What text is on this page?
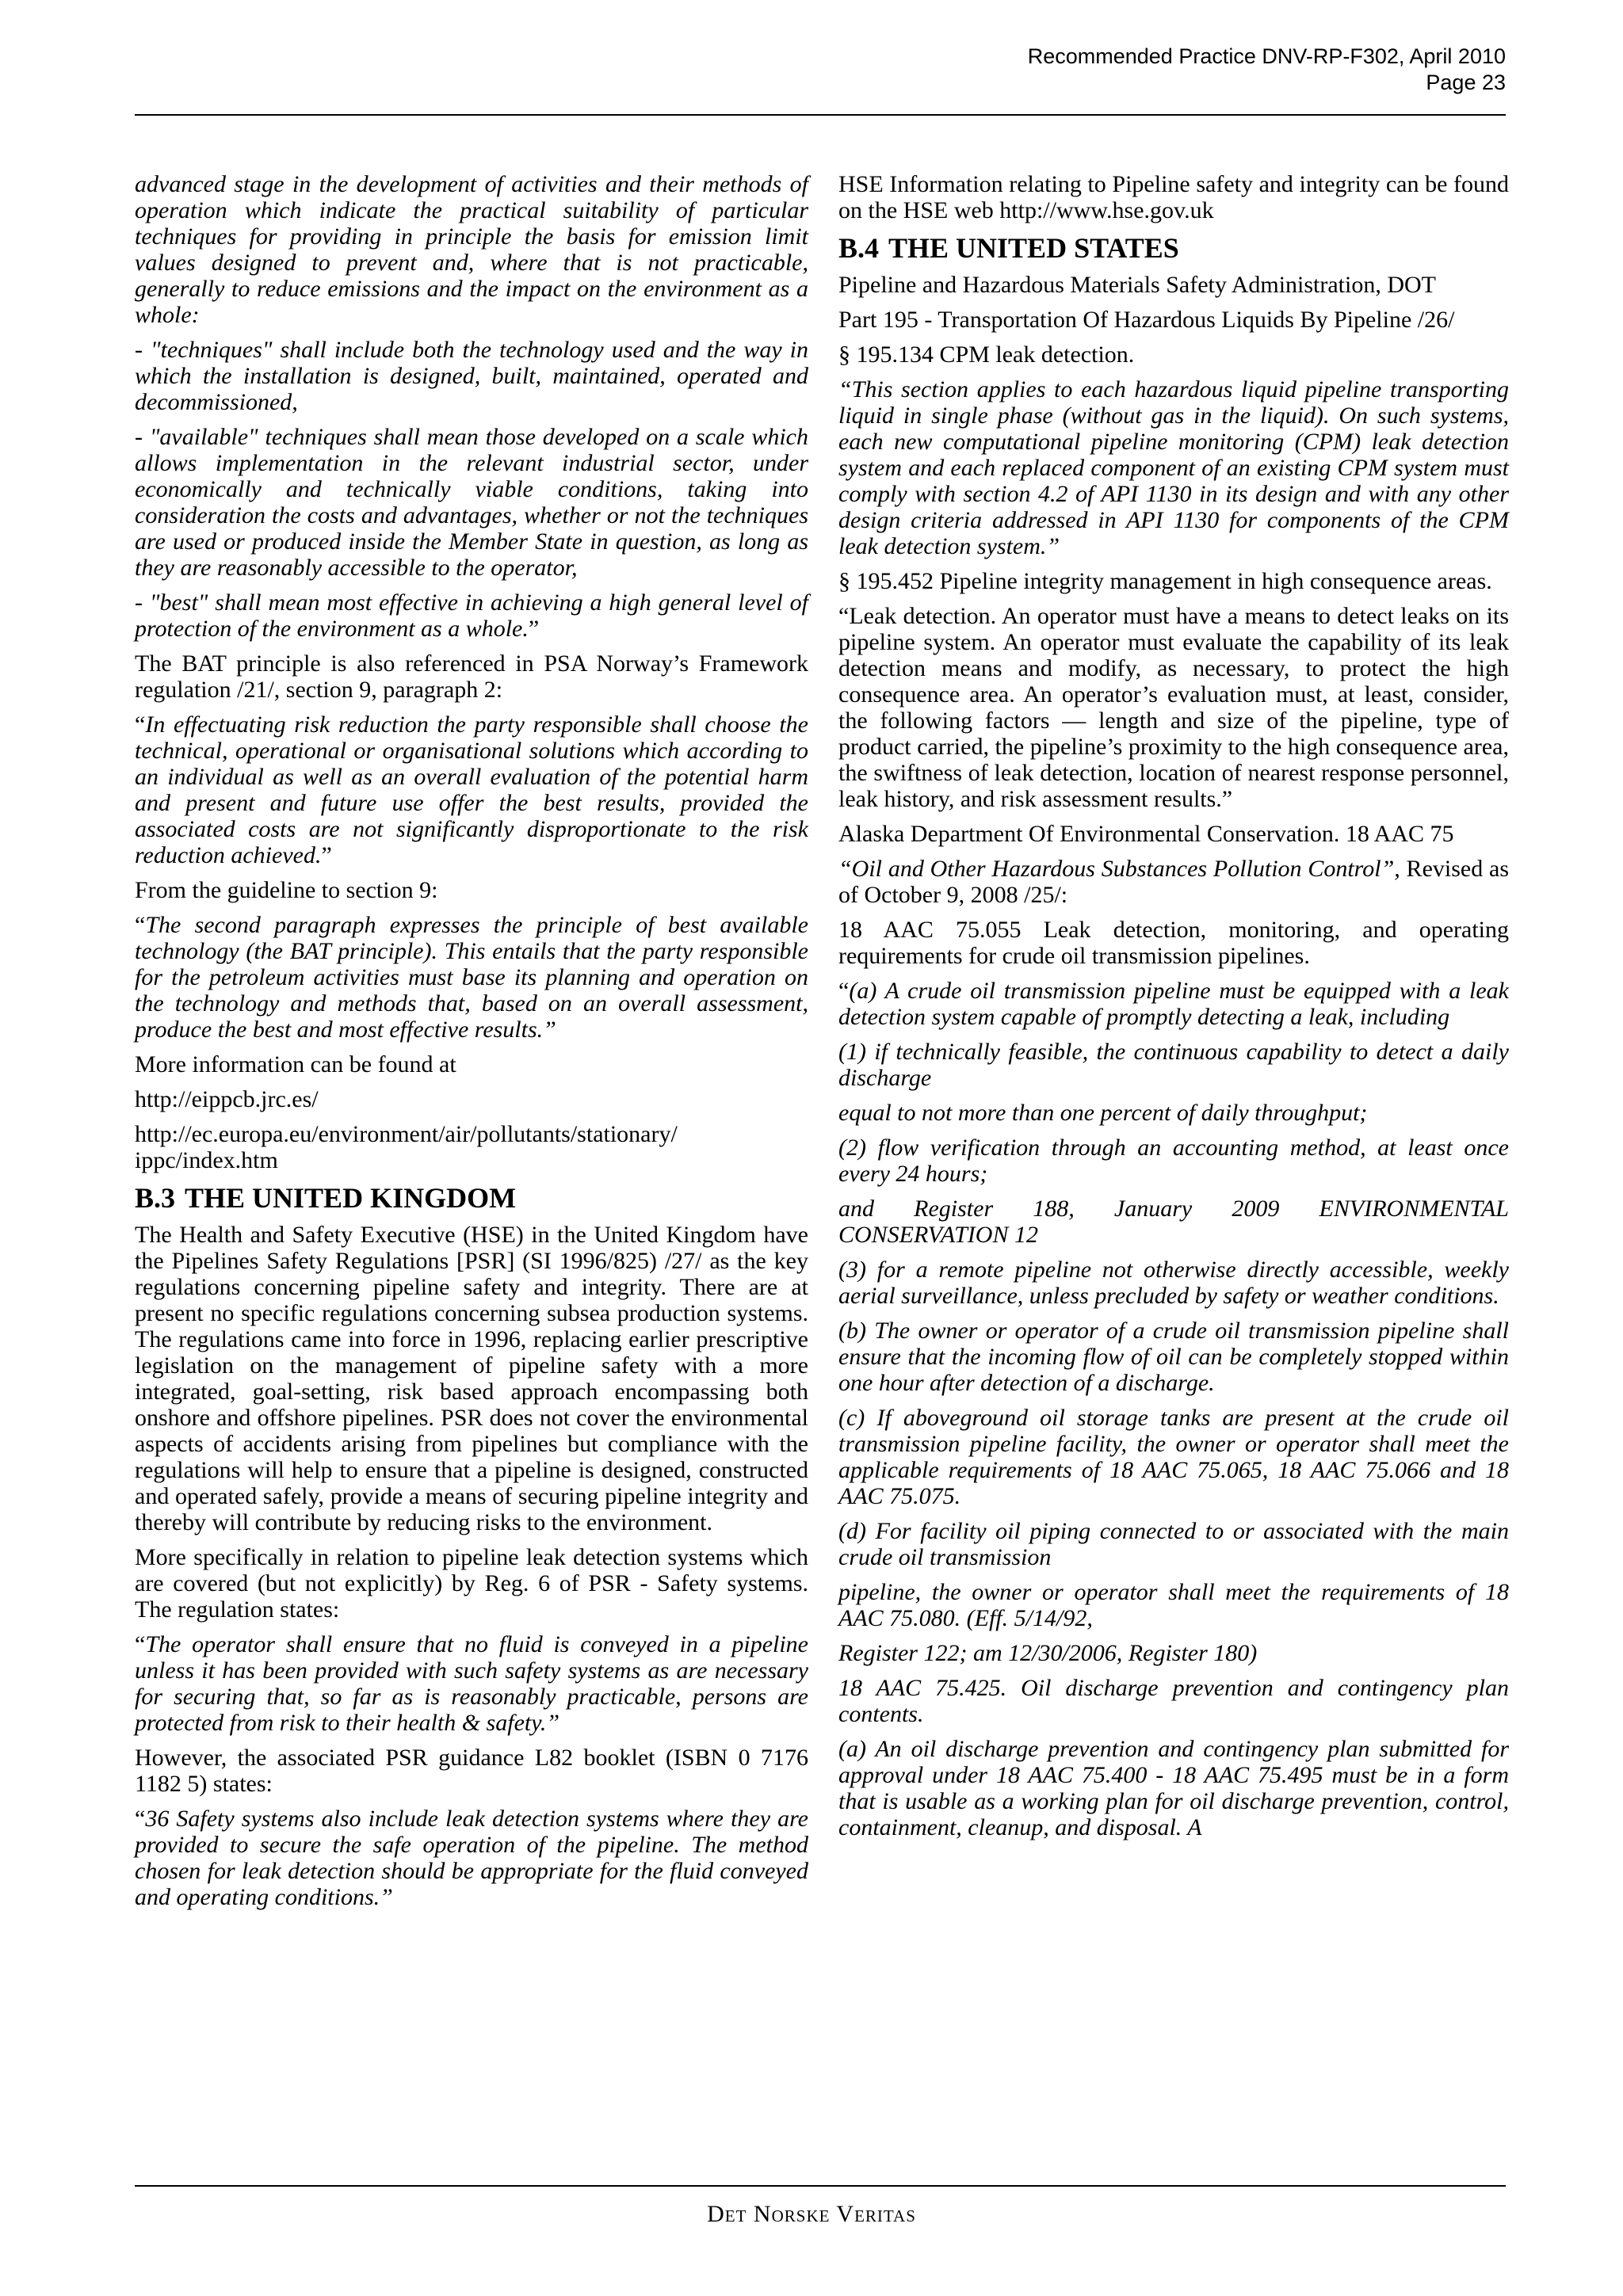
Recommended Practice DNV-RP-F302, April 2010
Page 23

advanced stage in the development of activities and their methods of operation which indicate the practical suitability of particular techniques for providing in principle the basis for emission limit values designed to prevent and, where that is not practicable, generally to reduce emissions and the impact on the environment as a whole:

- "techniques" shall include both the technology used and the way in which the installation is designed, built, maintained, operated and decommissioned,

- "available" techniques shall mean those developed on a scale which allows implementation in the relevant industrial sector, under economically and technically viable conditions, taking into consideration the costs and advantages, whether or not the techniques are used or produced inside the Member State in question, as long as they are reasonably accessible to the operator,

- "best" shall mean most effective in achieving a high general level of protection of the environment as a whole.”

The BAT principle is also referenced in PSA Norway’s Framework regulation /21/, section 9, paragraph 2:

“In effectuating risk reduction the party responsible shall choose the technical, operational or organisational solutions which according to an individual as well as an overall evaluation of the potential harm and present and future use offer the best results, provided the associated costs are not significantly disproportionate to the risk reduction achieved.”

From the guideline to section 9:

“The second paragraph expresses the principle of best available technology (the BAT principle). This entails that the party responsible for the petroleum activities must base its planning and operation on the technology and methods that, based on an overall assessment, produce the best and most effective results.”

More information can be found at

http://eippcb.jrc.es/

http://ec.europa.eu/environment/air/pollutants/stationary/
ippc/index.htm

B.3 THE UNITED KINGDOM

The Health and Safety Executive (HSE) in the United Kingdom have the Pipelines Safety Regulations [PSR] (SI 1996/825) /27/ as the key regulations concerning pipeline safety and integrity. There are at present no specific regulations concerning subsea production systems. The regulations came into force in 1996, replacing earlier prescriptive legislation on the management of pipeline safety with a more integrated, goal-setting, risk based approach encompassing both onshore and offshore pipelines. PSR does not cover the environmental aspects of accidents arising from pipelines but compliance with the regulations will help to ensure that a pipeline is designed, constructed and operated safely, provide a means of securing pipeline integrity and thereby will contribute by reducing risks to the environment.

More specifically in relation to pipeline leak detection systems which are covered (but not explicitly) by Reg. 6 of PSR - Safety systems. The regulation states:

“The operator shall ensure that no fluid is conveyed in a pipeline unless it has been provided with such safety systems as are necessary for securing that, so far as is reasonably practicable, persons are protected from risk to their health & safety.”

However, the associated PSR guidance L82 booklet (ISBN 0 7176 1182 5) states:

“36 Safety systems also include leak detection systems where they are provided to secure the safe operation of the pipeline. The method chosen for leak detection should be appropriate for the fluid conveyed and operating conditions.”

HSE Information relating to Pipeline safety and integrity can be found on the HSE web http://www.hse.gov.uk

B.4 THE UNITED STATES

Pipeline and Hazardous Materials Safety Administration, DOT

Part 195 - Transportation Of Hazardous Liquids By Pipeline /26/

§ 195.134 CPM leak detection.

“This section applies to each hazardous liquid pipeline transporting liquid in single phase (without gas in the liquid). On such systems, each new computational pipeline monitoring (CPM) leak detection system and each replaced component of an existing CPM system must comply with section 4.2 of API 1130 in its design and with any other design criteria addressed in API 1130 for components of the CPM leak detection system.”

§ 195.452 Pipeline integrity management in high consequence areas.

“Leak detection. An operator must have a means to detect leaks on its pipeline system. An operator must evaluate the capability of its leak detection means and modify, as necessary, to protect the high consequence area. An operator’s evaluation must, at least, consider, the following factors — length and size of the pipeline, type of product carried, the pipeline’s proximity to the high consequence area, the swiftness of leak detection, location of nearest response personnel, leak history, and risk assessment results.”

Alaska Department Of Environmental Conservation. 18 AAC 75

“Oil and Other Hazardous Substances Pollution Control”, Revised as of October 9, 2008 /25/:

18 AAC 75.055 Leak detection, monitoring, and operating requirements for crude oil transmission pipelines.

“(a) A crude oil transmission pipeline must be equipped with a leak detection system capable of promptly detecting a leak, including

(1) if technically feasible, the continuous capability to detect a daily discharge

equal to not more than one percent of daily throughput;

(2) flow verification through an accounting method, at least once every 24 hours;

and Register 188, January 2009 ENVIRONMENTAL CONSERVATION 12

(3) for a remote pipeline not otherwise directly accessible, weekly aerial surveillance, unless precluded by safety or weather conditions.

(b) The owner or operator of a crude oil transmission pipeline shall ensure that the incoming flow of oil can be completely stopped within one hour after detection of a discharge.

(c) If aboveground oil storage tanks are present at the crude oil transmission pipeline facility, the owner or operator shall meet the applicable requirements of 18 AAC 75.065, 18 AAC 75.066 and 18 AAC 75.075.

(d) For facility oil piping connected to or associated with the main crude oil transmission

pipeline, the owner or operator shall meet the requirements of 18 AAC 75.080. (Eff. 5/14/92,

Register 122; am 12/30/2006, Register 180)

18 AAC 75.425. Oil discharge prevention and contingency plan contents.

(a) An oil discharge prevention and contingency plan submitted for approval under 18 AAC 75.400 - 18 AAC 75.495 must be in a form that is usable as a working plan for oil discharge prevention, control, containment, cleanup, and disposal. A

Det Norske Veritas
